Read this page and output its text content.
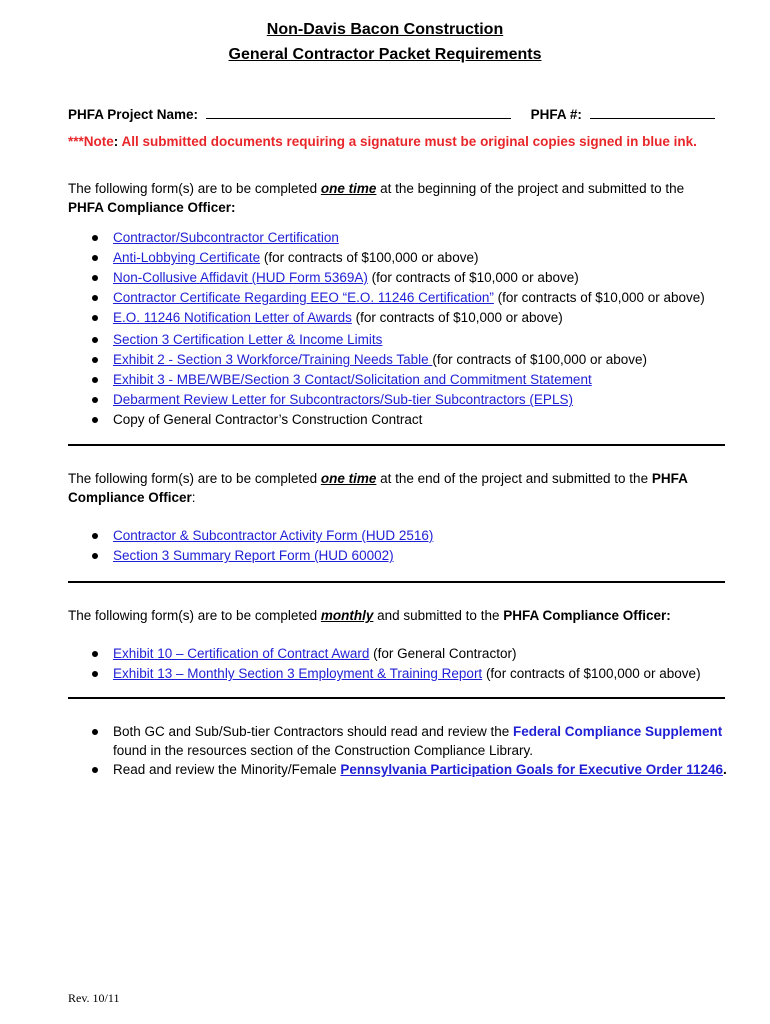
Non-Davis Bacon Construction
General Contractor Packet Requirements
PHFA Project Name:	PHFA #:
***Note: All submitted documents requiring a signature must be original copies signed in blue ink.
The following form(s) are to be completed one time at the beginning of the project and submitted to the
PHFA Compliance Officer:
Contractor/Subcontractor Certification
Anti-Lobbying Certificate (for contracts of $100,000 or above)
Non-Collusive Affidavit (HUD Form 5369A) (for contracts of $10,000 or above)
Contractor Certificate Regarding EEO “E.O. 11246 Certification” (for contracts of $10,000 or above)
E.O. 11246 Notification Letter of Awards (for contracts of $10,000 or above)
Section 3 Certification Letter & Income Limits
Exhibit 2 - Section 3 Workforce/Training Needs Table (for contracts of $100,000 or above)
Exhibit 3 - MBE/WBE/Section 3 Contact/Solicitation and Commitment Statement
Debarment Review Letter for Subcontractors/Sub-tier Subcontractors (EPLS)
Copy of General Contractor’s Construction Contract
The following form(s) are to be completed one time at the end of the project and submitted to the PHFA Compliance Officer:
Contractor & Subcontractor Activity Form (HUD 2516)
Section 3 Summary Report Form (HUD 60002)
The following form(s) are to be completed monthly and submitted to the PHFA Compliance Officer:
Exhibit 10 – Certification of Contract Award (for General Contractor)
Exhibit 13 – Monthly Section 3 Employment & Training Report (for contracts of $100,000 or above)
Both GC and Sub/Sub-tier Contractors should read and review the Federal Compliance Supplement found in the resources section of the Construction Compliance Library.
Read and review the Minority/Female Pennsylvania Participation Goals for Executive Order 11246.
Rev. 10/11
